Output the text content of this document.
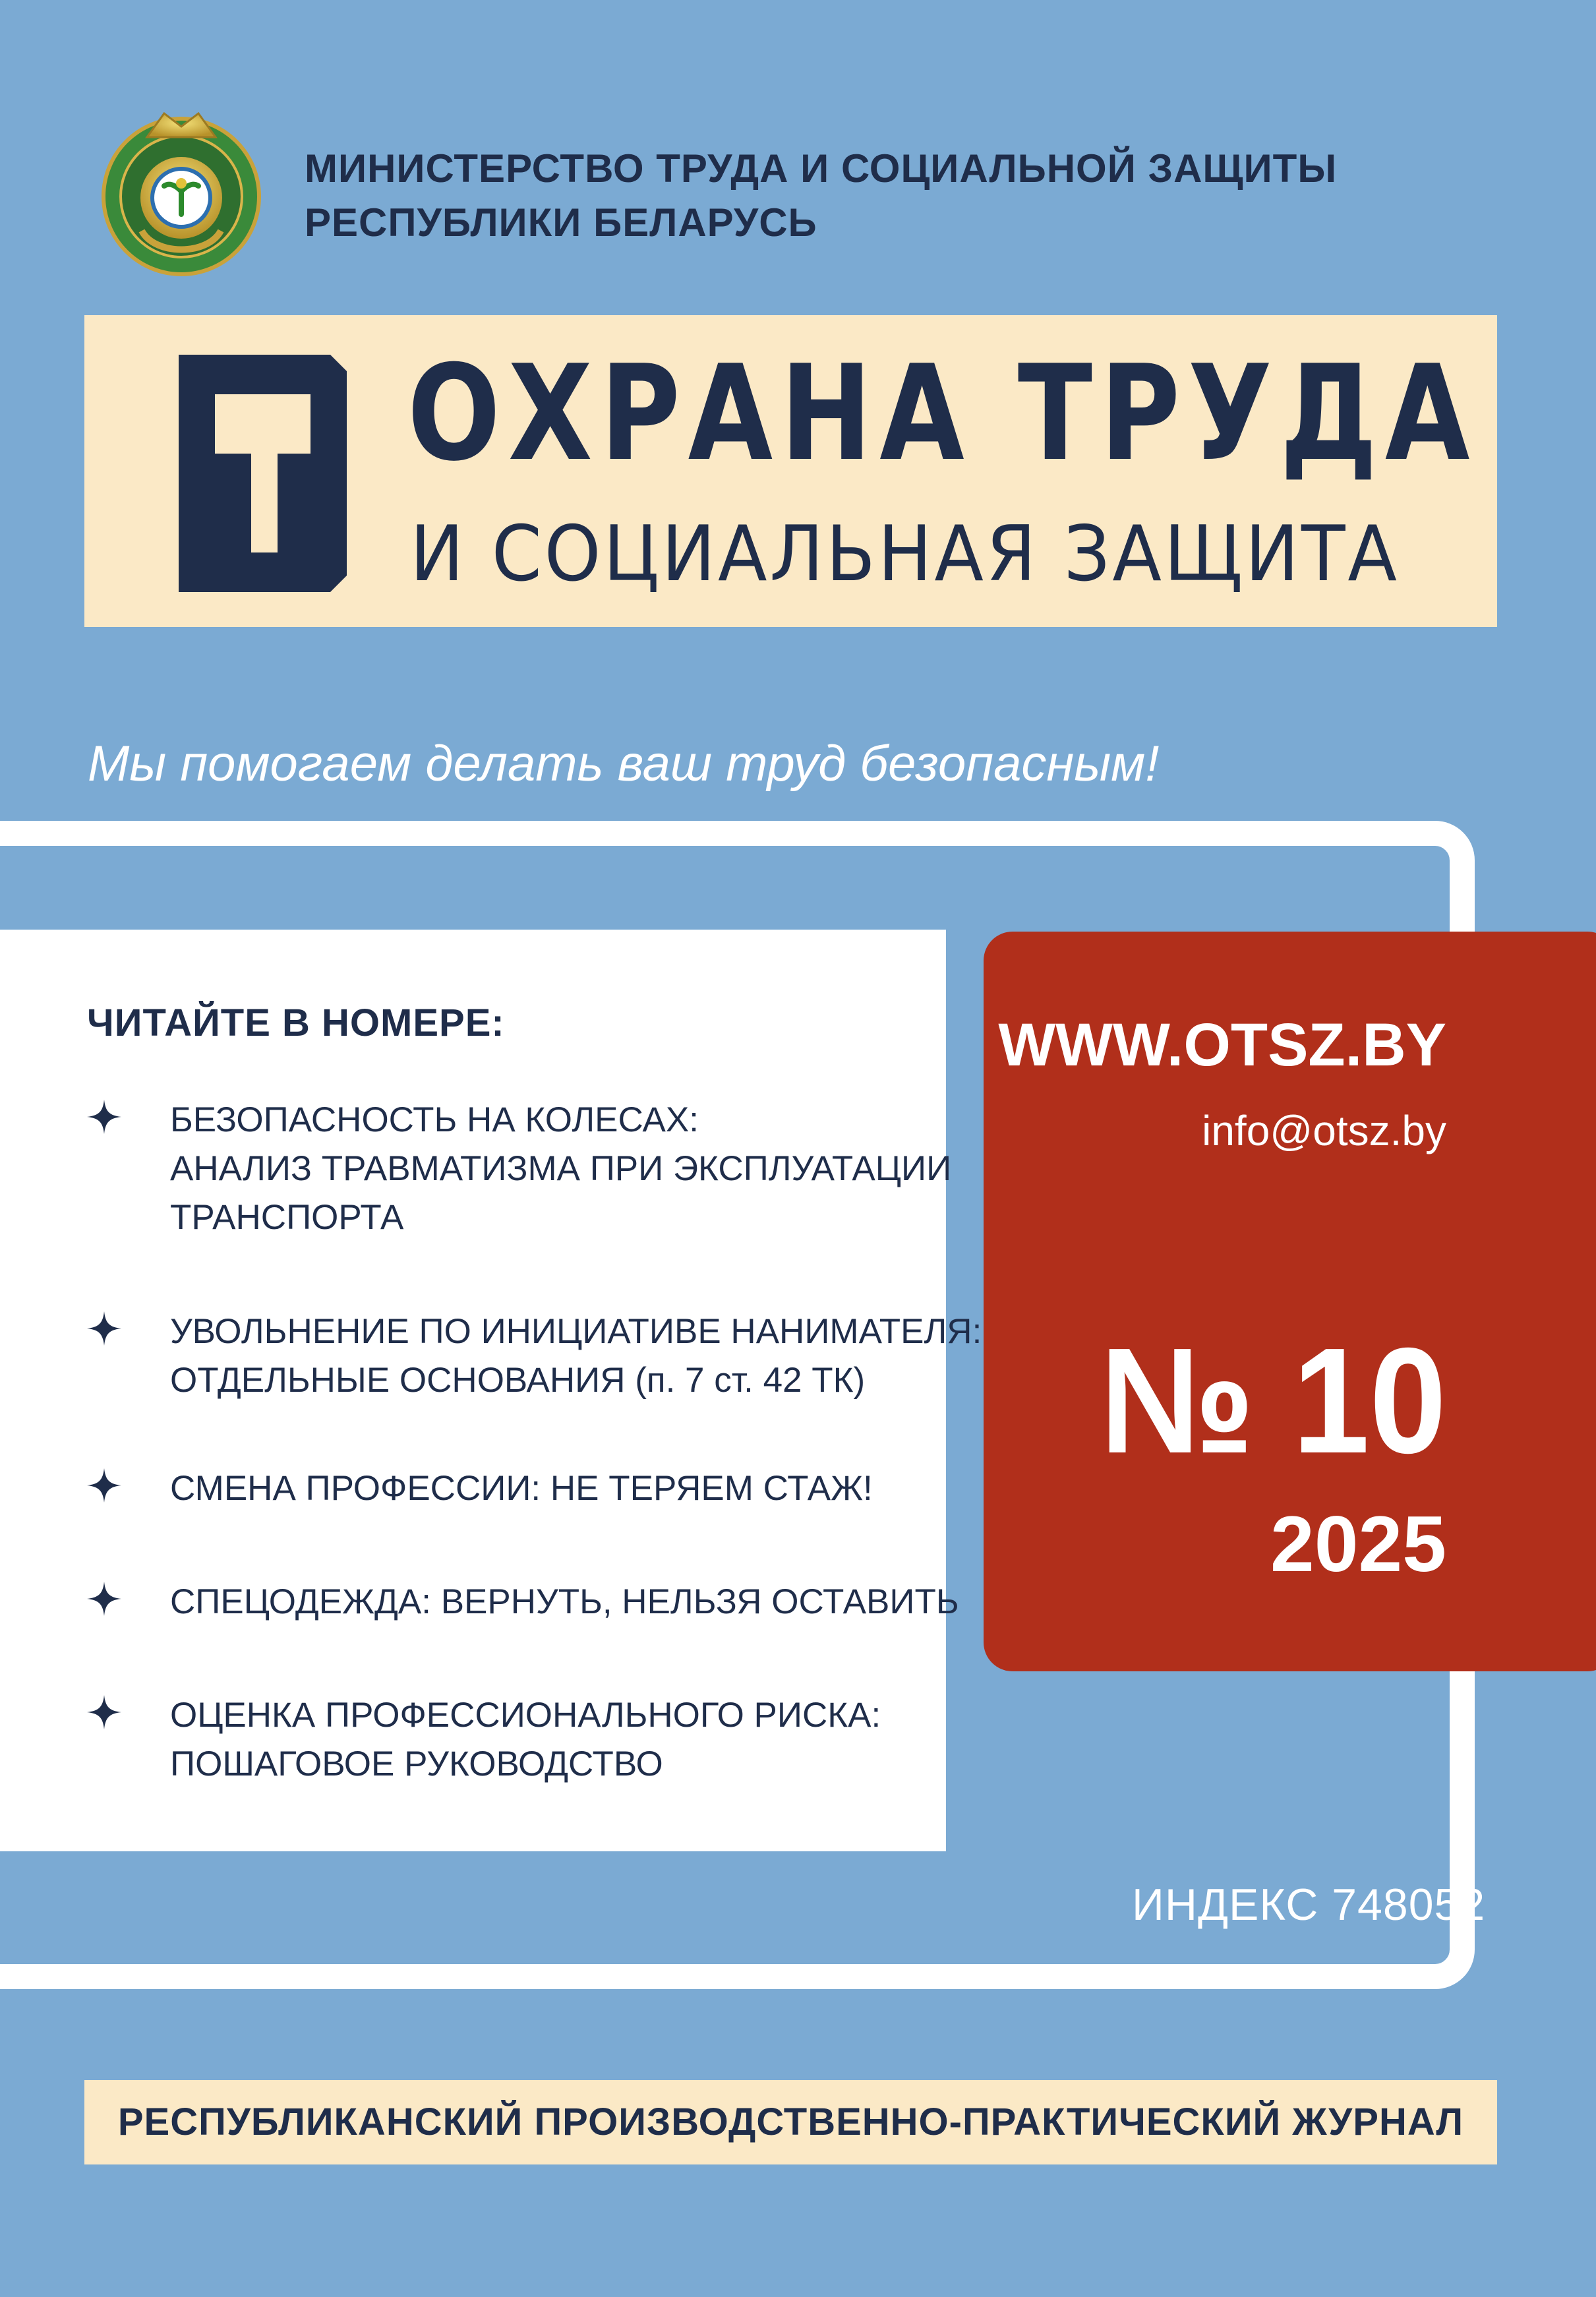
МИНИСТЕРСТВО ТРУДА И СОЦИАЛЬНОЙ ЗАЩИТЫ
РЕСПУБЛИКИ БЕЛАРУСЬ
ОХРАНА ТРУДА
И СОЦИАЛЬНАЯ ЗАЩИТА
Мы помогаем делать ваш труд безопасным!
ЧИТАЙТЕ В НОМЕРЕ:
БЕЗОПАСНОСТЬ НА КОЛЕСАХ:
АНАЛИЗ ТРАВМАТИЗМА ПРИ ЭКСПЛУАТАЦИИ
ТРАНСПОРТА
УВОЛЬНЕНИЕ ПО ИНИЦИАТИВЕ НАНИМАТЕЛЯ:
ОТДЕЛЬНЫЕ ОСНОВАНИЯ (п. 7 ст. 42 ТК)
СМЕНА ПРОФЕССИИ: НЕ ТЕРЯЕМ СТАЖ!
СПЕЦОДЕЖДА: ВЕРНУТЬ, НЕЛЬЗЯ ОСТАВИТЬ
ОЦЕНКА ПРОФЕССИОНАЛЬНОГО РИСКА:
ПОШАГОВОЕ РУКОВОДСТВО
WWW.OTSZ.BY
info@otsz.by
№ 10
2025
ИНДЕКС 748052
РЕСПУБЛИКАНСКИЙ ПРОИЗВОДСТВЕННО-ПРАКТИЧЕСКИЙ ЖУРНАЛ
